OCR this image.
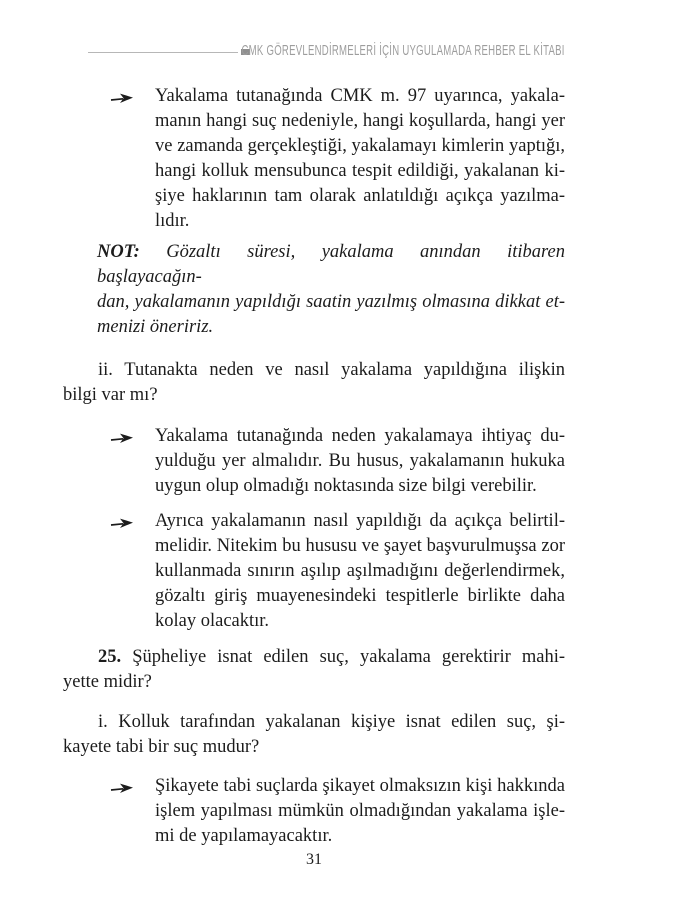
CMK GÖREVLENDİRMELERİ İÇİN UYGULAMADA REHBER EL KİTABI
Yakalama tutanağında CMK m. 97 uyarınca, yakala-
manın hangi suç nedeniyle, hangi koşullarda, hangi yer
ve zamanda gerçekleştiği, yakalamayı kimlerin yaptığı,
hangi kolluk mensubunca tespit edildiği, yakalanan ki-
şiye haklarının tam olarak anlatıldığı açıkça yazılma-
lıdır.
NOT: Gözaltı süresi, yakalama anından itibaren başlayacağın-
dan, yakalamanın yapıldığı saatin yazılmış olmasına dikkat et-
menizi öneririz.
ii. Tutanakta neden ve nasıl yakalama yapıldığına ilişkin
bilgi var mı?
Yakalama tutanağında neden yakalamaya ihtiyaç du-
yulduğu yer almalıdır. Bu husus, yakalamanın hukuka
uygun olup olmadığı noktasında size bilgi verebilir.
Ayrıca yakalamanın nasıl yapıldığı da açıkça belirtil-
melidir. Nitekim bu hususu ve şayet başvurulmuşsa zor
kullanmada sınırın aşılıp aşılmadığını değerlendirmek,
gözaltı giriş muayenesindeki tespitlerle birlikte daha
kolay olacaktır.
25. Şüpheliye isnat edilen suç, yakalama gerektirir mahi-
yette midir?
i. Kolluk tarafından yakalanan kişiye isnat edilen suç, şi-
kayete tabi bir suç mudur?
Şikayete tabi suçlarda şikayet olmaksızın kişi hakkında
işlem yapılması mümkün olmadığından yakalama işle-
mi de yapılamayacaktır.
31
